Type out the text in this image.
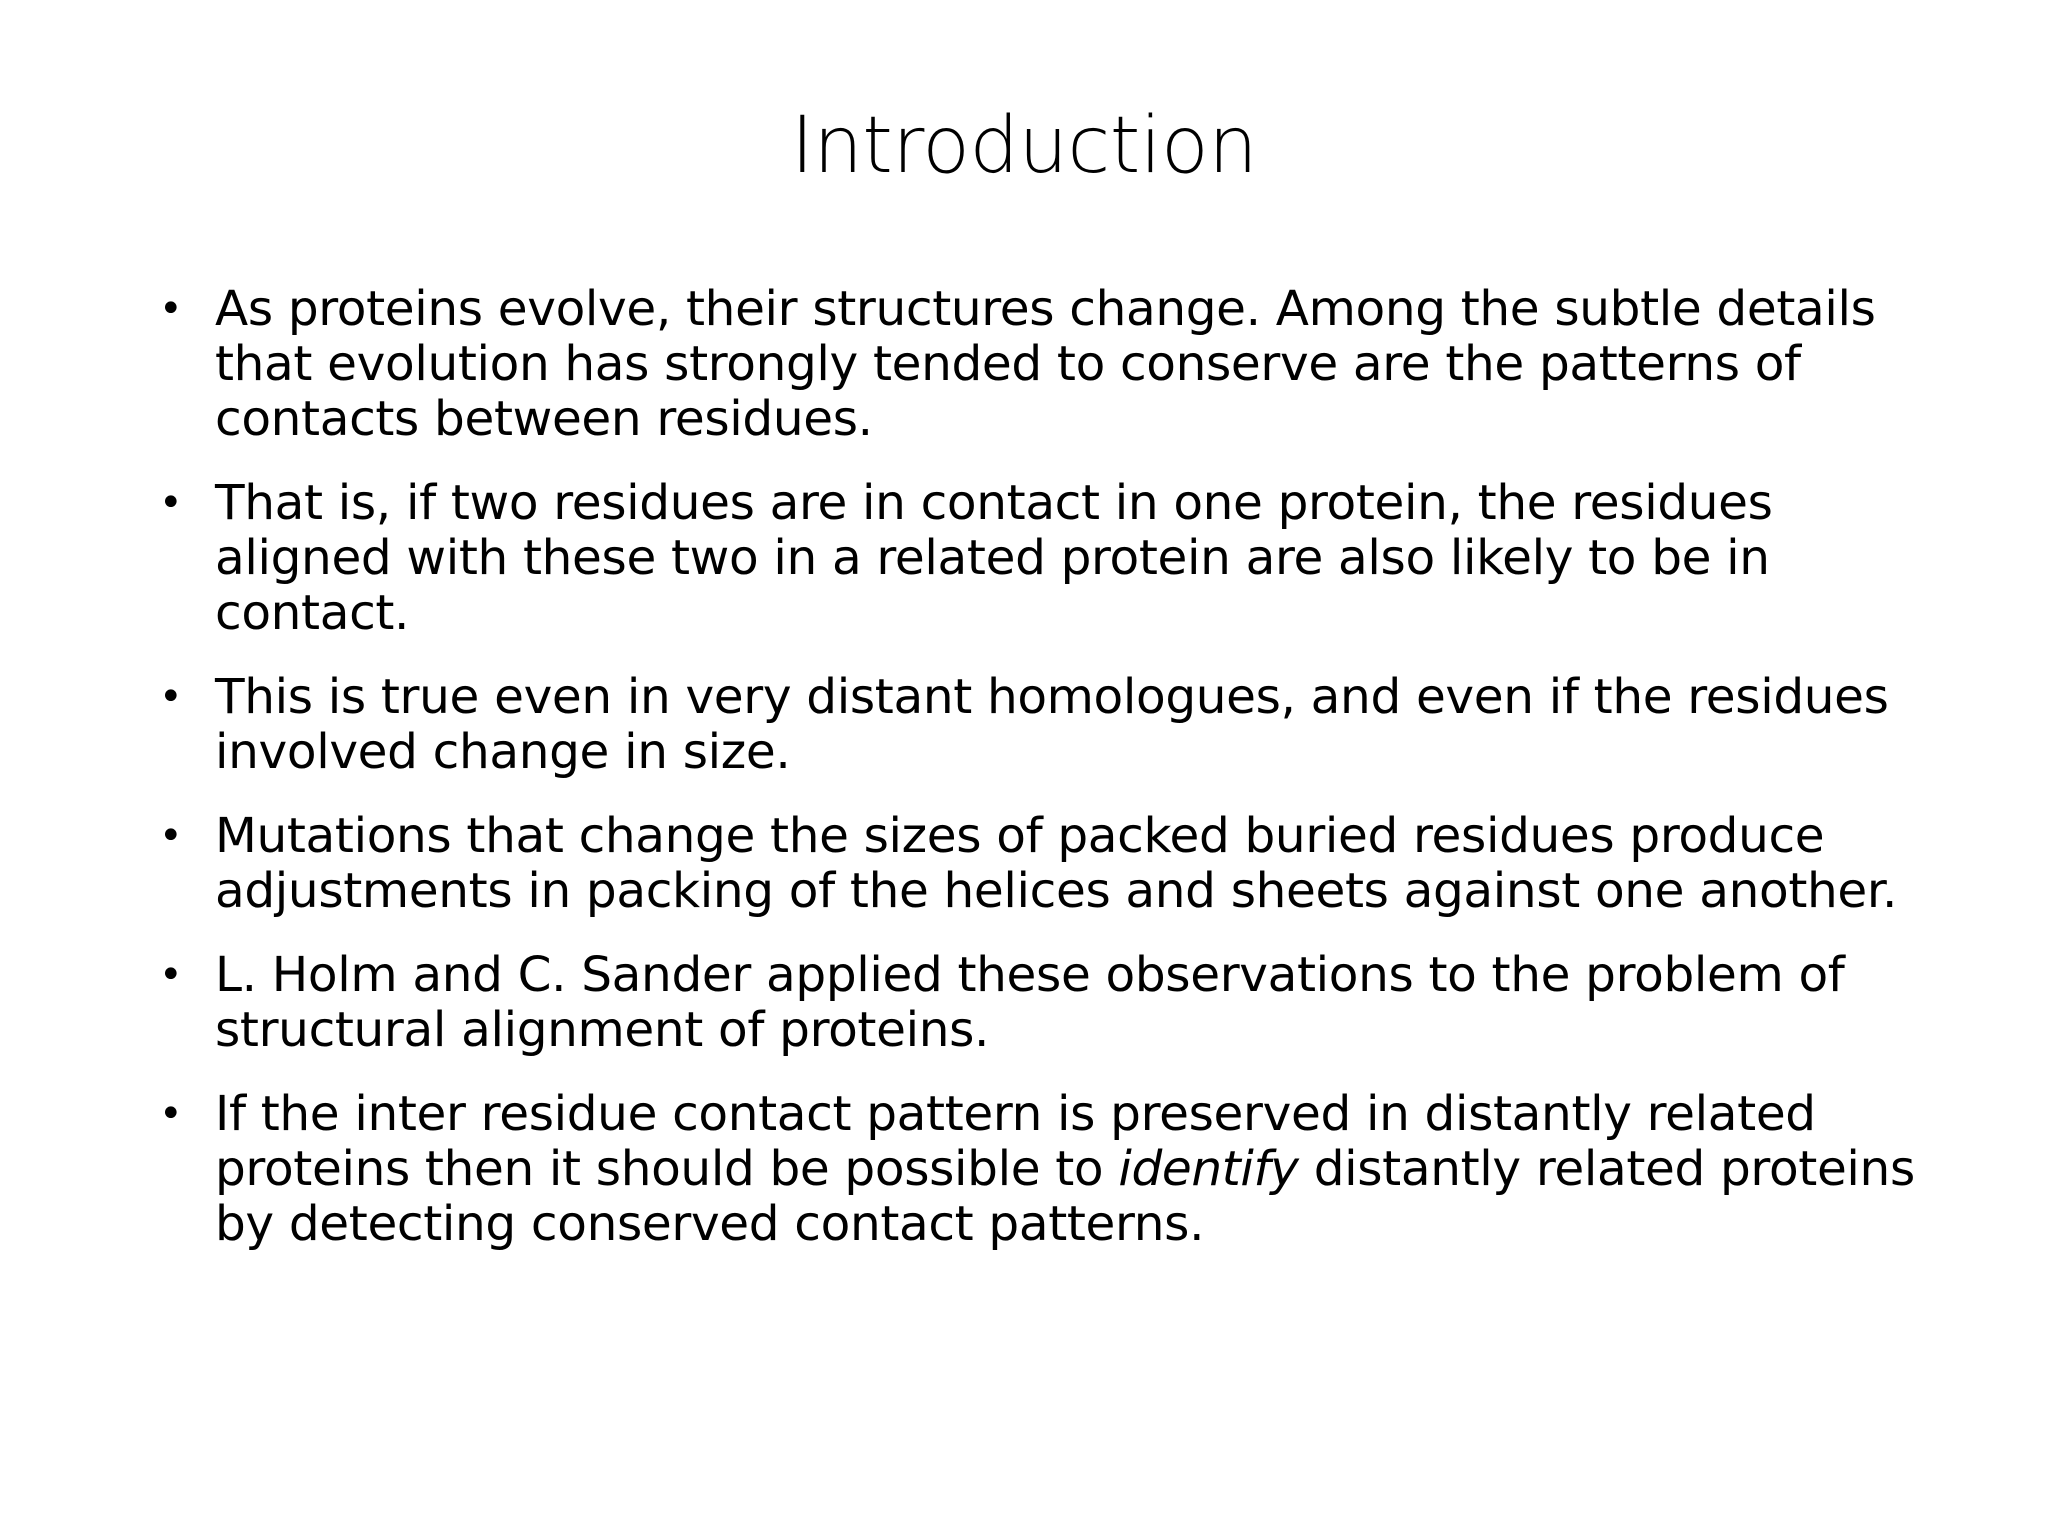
Introduction
• As proteins evolve, their structures change. Among the subtle details that evolution has strongly tended to conserve are the patterns of contacts between residues.
• That is, if two residues are in contact in one protein, the residues aligned with these two in a related protein are also likely to be in contact.
• This is true even in very distant homologues, and even if the residues involved change in size.
• Mutations that change the sizes of packed buried residues produce adjustments in packing of the helices and sheets against one another.
• L. Holm and C. Sander applied these observations to the problem of structural alignment of proteins.
• If the inter residue contact pattern is preserved in distantly related proteins then it should be possible to identify distantly related proteins by detecting conserved contact patterns.
